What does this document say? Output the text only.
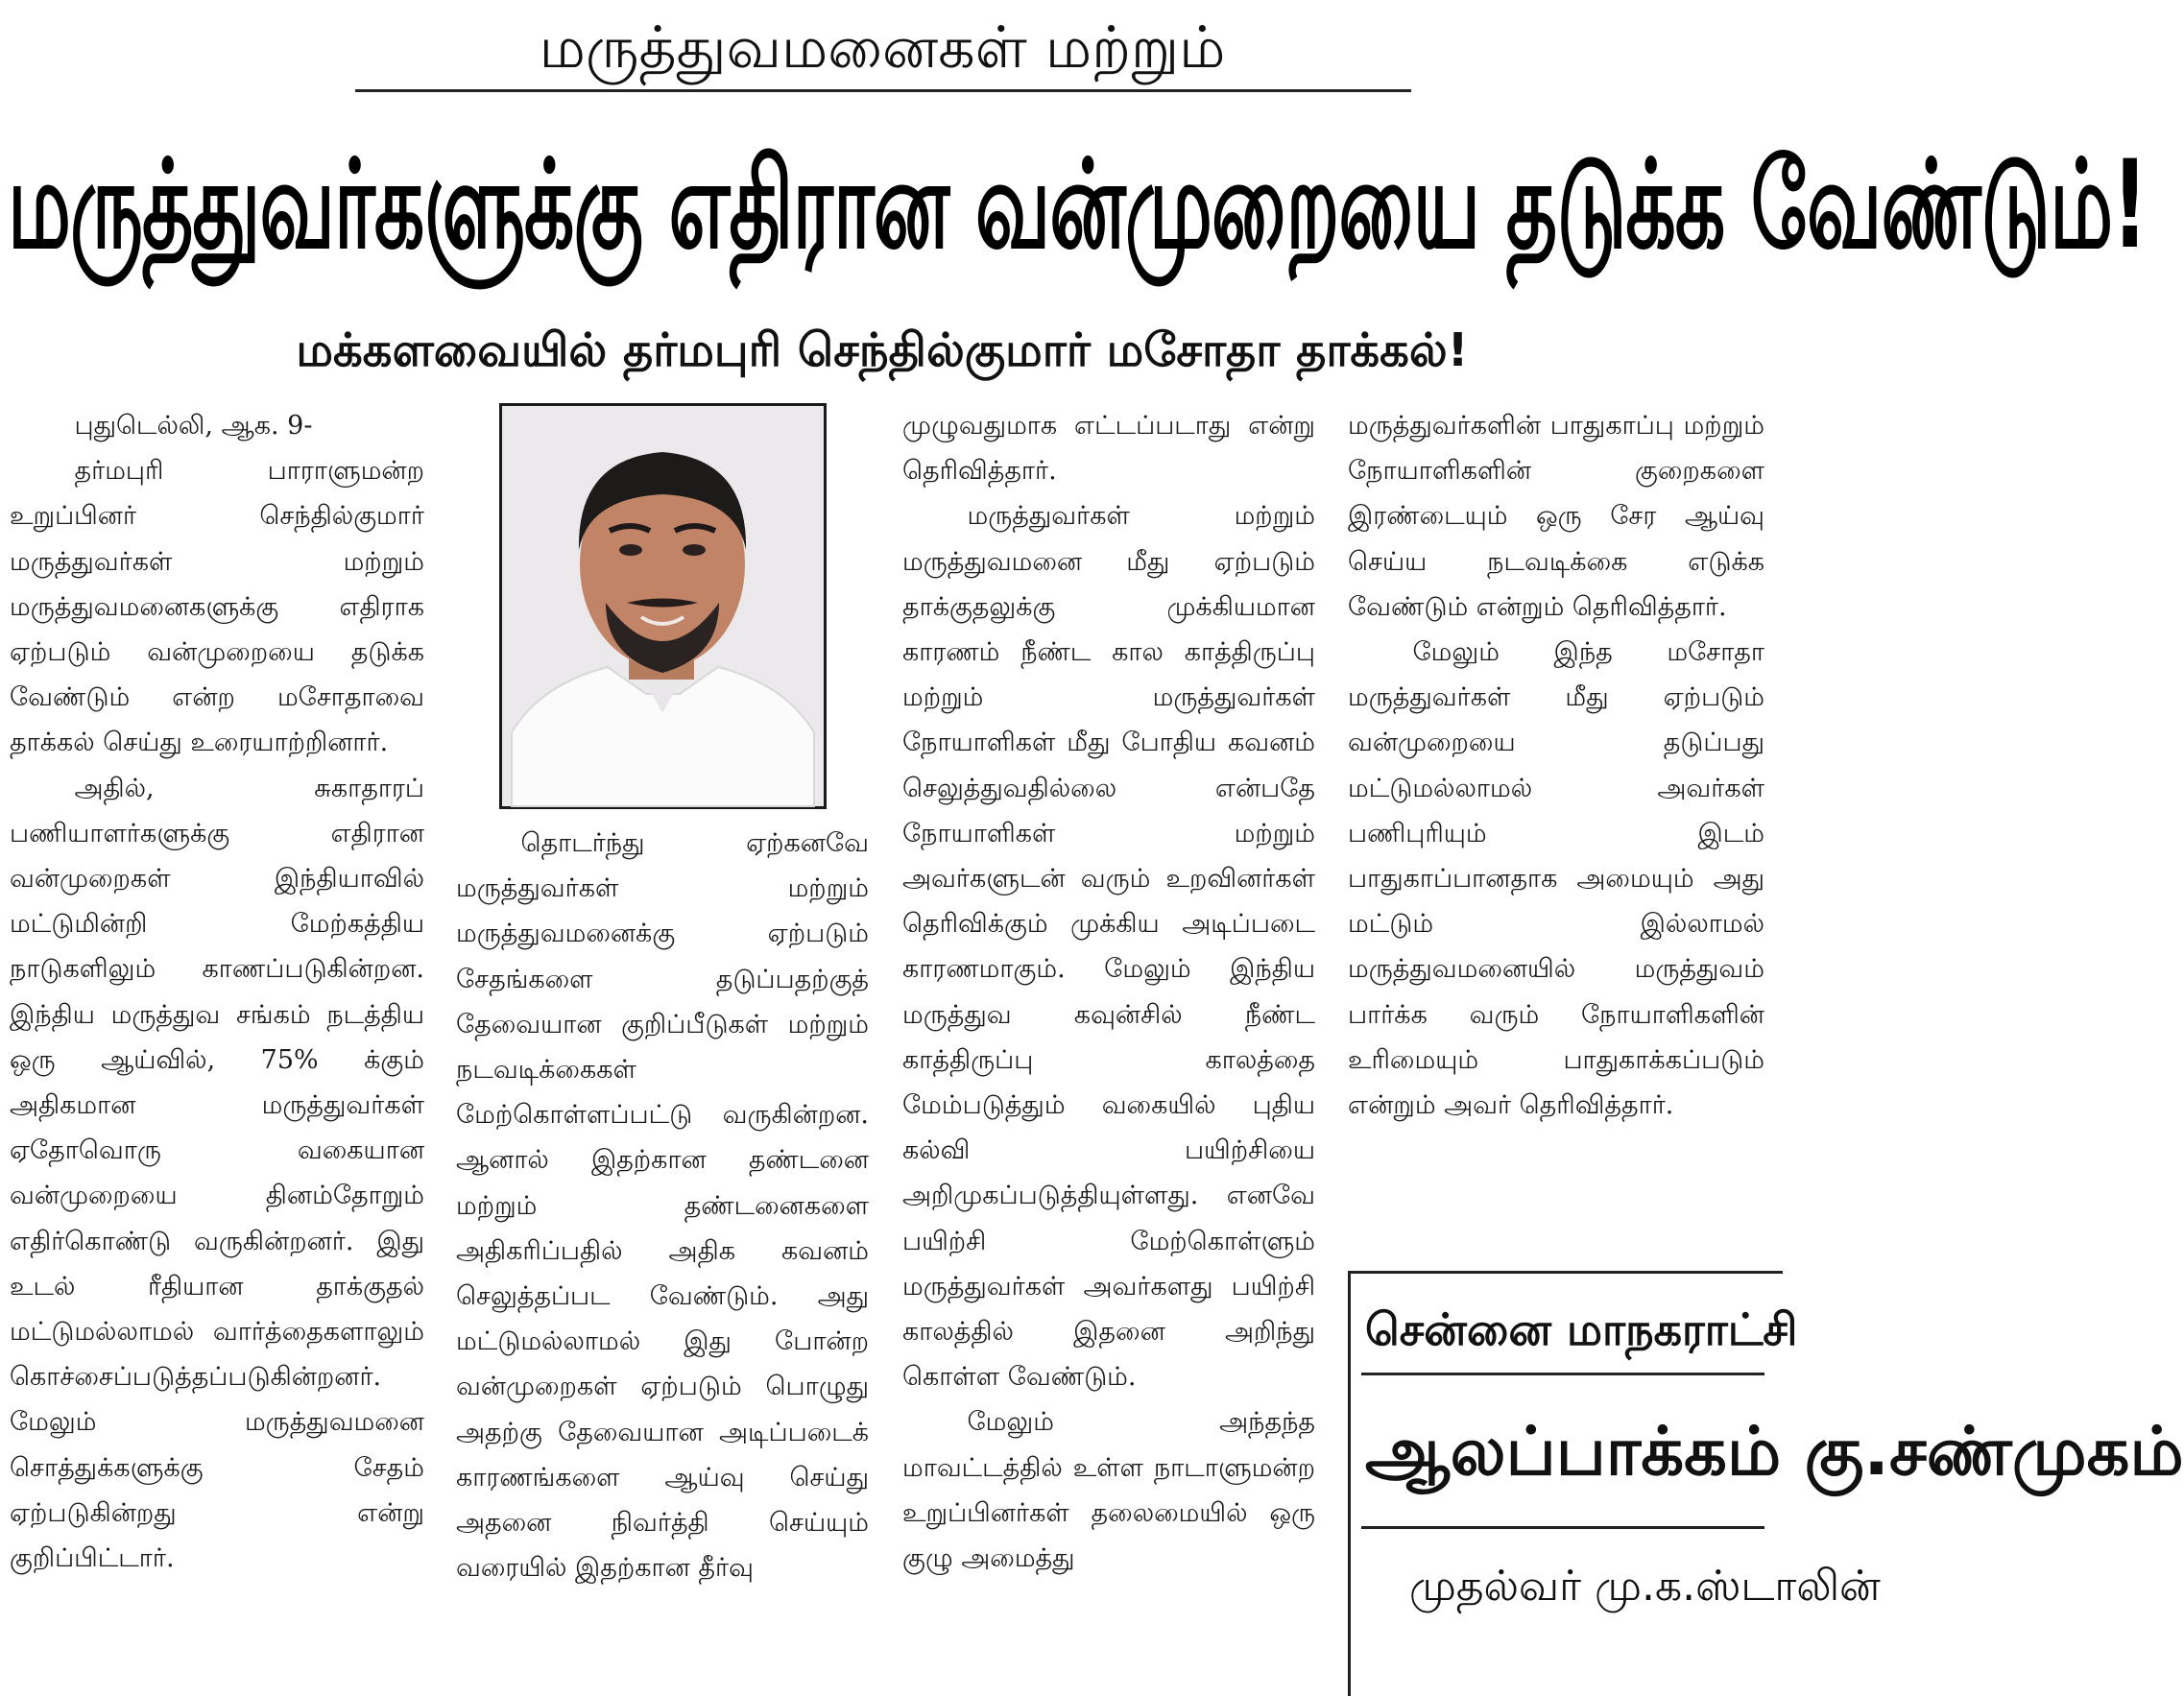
மருத்துவமனைகள் மற்றும்
மருத்துவர்களுக்கு எதிரான வன்முறையை தடுக்க வேண்டும்!
மக்களவையில் தர்மபுரி செந்தில்குமார் மசோதா தாக்கல்!

புதுடெல்லி, ஆக. 9-

தர்மபுரி பாராளுமன்ற உறுப்பினர் செந்தில்குமார் மருத்துவர்கள் மற்றும் மருத்துவமனைகளுக்கு எதிராக ஏற்படும் வன்முறையை தடுக்க வேண்டும் என்ற மசோதாவை தாக்கல் செய்து உரையாற்றினார்.

அதில், சுகாதாரப் பணியாளர்களுக்கு எதிரான வன்முறைகள் இந்தியாவில் மட்டுமின்றி மேற்கத்திய நாடுகளிலும் காணப்படுகின்றன. இந்திய மருத்துவ சங்கம் நடத்திய ஒரு ஆய்வில், 75% க்கும் அதிகமான மருத்துவர்கள் ஏதோவொரு வகையான வன்முறையை தினம்தோறும் எதிர்கொண்டு வருகின்றனர். இது உடல் ரீதியான தாக்குதல் மட்டுமல்லாமல் வார்த்தைகளாலும் கொச்சைப்படுத்தப்படுகின்றனர். மேலும் மருத்துவமனை சொத்துக்களுக்கு சேதம் ஏற்படுகின்றது என்று குறிப்பிட்டார்.

தொடர்ந்து ஏற்கனவே மருத்துவர்கள் மற்றும் மருத்துவமனைக்கு ஏற்படும் சேதங்களை தடுப்பதற்குத் தேவையான குறிப்பீடுகள் மற்றும் நடவடிக்கைகள் மேற்கொள்ளப்பட்டு வருகின்றன. ஆனால் இதற்கான தண்டனை மற்றும் தண்டனைகளை அதிகரிப்பதில் அதிக கவனம் செலுத்தப்பட வேண்டும். அது மட்டுமல்லாமல் இது போன்ற வன்முறைகள் ஏற்படும் பொழுது அதற்கு தேவையான அடிப்படைக் காரணங்களை ஆய்வு செய்து அதனை நிவர்த்தி செய்யும் வரையில் இதற்கான தீர்வு

முழுவதுமாக எட்டப்படாது என்று தெரிவித்தார்.

மருத்துவர்கள் மற்றும் மருத்துவமனை மீது ஏற்படும் தாக்குதலுக்கு முக்கியமான காரணம் நீண்ட கால காத்திருப்பு மற்றும் மருத்துவர்கள் நோயாளிகள் மீது போதிய கவனம் செலுத்துவதில்லை என்பதே நோயாளிகள் மற்றும் அவர்களுடன் வரும் உறவினர்கள் தெரிவிக்கும் முக்கிய அடிப்படை காரணமாகும். மேலும் இந்திய மருத்துவ கவுன்சில் நீண்ட காத்திருப்பு காலத்தை மேம்படுத்தும் வகையில் புதிய கல்வி பயிற்சியை அறிமுகப்படுத்தியுள்ளது. எனவே பயிற்சி மேற்கொள்ளும் மருத்துவர்கள் அவர்களது பயிற்சி காலத்தில் இதனை அறிந்து கொள்ள வேண்டும்.

மேலும் அந்தந்த மாவட்டத்தில் உள்ள நாடாளுமன்ற உறுப்பினர்கள் தலைமையில் ஒரு குழு அமைத்து

மருத்துவர்களின் பாதுகாப்பு மற்றும் நோயாளிகளின் குறைகளை இரண்டையும் ஒரு சேர ஆய்வு செய்ய நடவடிக்கை எடுக்க வேண்டும் என்றும் தெரிவித்தார்.

மேலும் இந்த மசோதா மருத்துவர்கள் மீது ஏற்படும் வன்முறையை தடுப்பது மட்டுமல்லாமல் அவர்கள் பணிபுரியும் இடம் பாதுகாப்பானதாக அமையும் அது மட்டும் இல்லாமல் மருத்துவமனையில் மருத்துவம் பார்க்க வரும் நோயாளிகளின் உரிமையும் பாதுகாக்கப்படும் என்றும் அவர் தெரிவித்தார்.

சென்னை மாநகராட்சி
ஆலப்பாக்கம் கு.சண்முகம்
முதல்வர் மு.க.ஸ்டாலின்
